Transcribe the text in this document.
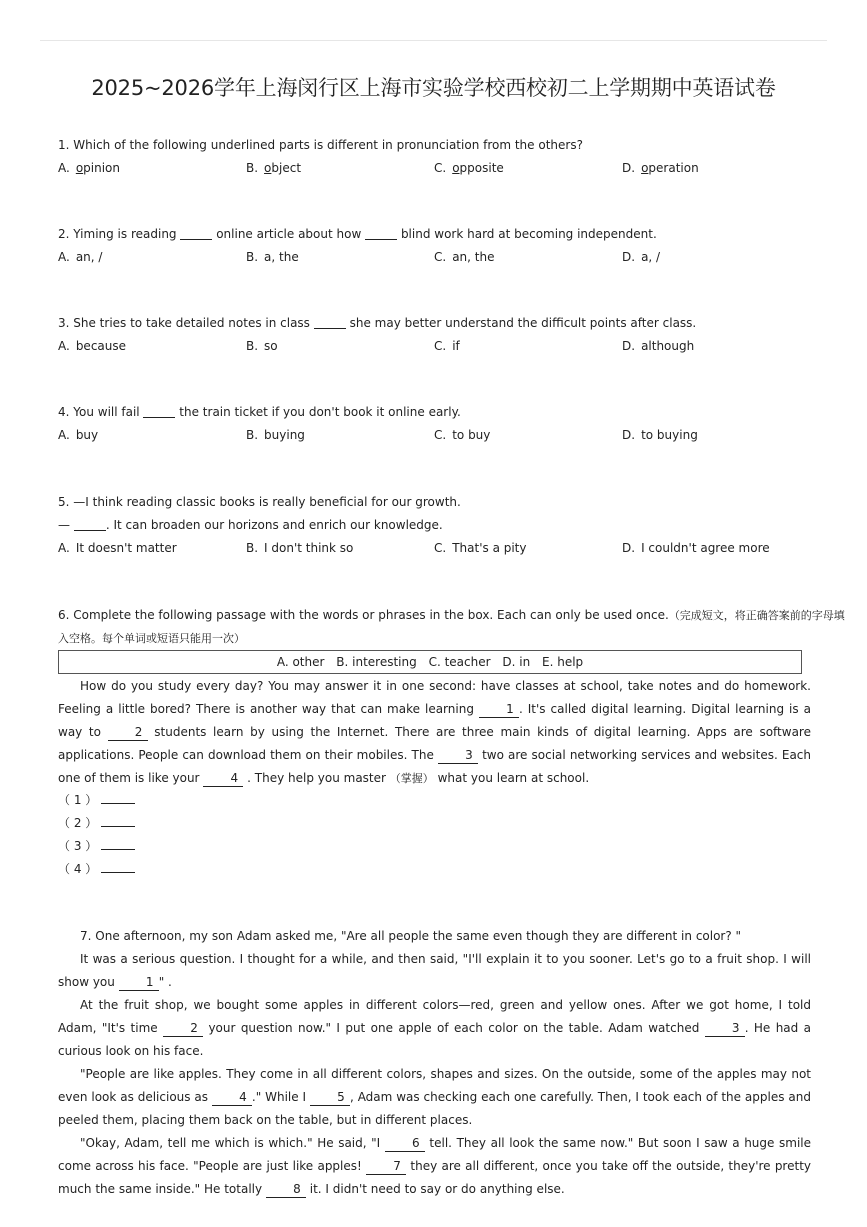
2025~2026学年上海闵行区上海市实验学校西校初二上学期期中英语试卷
1. Which of the following underlined parts is different in pronunciation from the others?
A. opinion	B. object	C. opposite	D. operation
2. Yiming is reading	online article about how	blind work hard at becoming independent.
A. an, /	B. a, the	C. an, the	D. a, /
3. She tries to take detailed notes in class	she may better understand the difficult points after class.
A. because	B. so	C. if	D. although
4. You will fail	the train ticket if you don't book it online early.
A. buy	B. buying	C. to buy	D. to buying
5. —I think reading classic books is really beneficial for our growth.
—	. It can broaden our horizons and enrich our knowledge.
A. It doesn't matter	B. I don't think so	C. That's a pity	D. I couldn't agree more
6. Complete the following passage with the words or phrases in the box. Each can only be used once.（完成短文，将正确答案前的字母填
入空格。每个单词或短语只能用一次）
A. other B. interesting C. teacher D. in E. help

How do you study every day? You may answer it in one second: have classes at school, take notes and do homework. Feeling a little bored? There is another way that can make learning	1 . It's called digital learning. Digital learning is a way to	2 students learn by using the Internet. There are three main kinds of digital learning. Apps are software applications. People can download them on their mobiles. The	3 two are social networking services and websites. Each one of them is like your	4 . They help you master （掌握） what you learn at school.

（ 1 ）
（ 2 ）
（ 3 ）
（ 4 ）

7. One afternoon, my son Adam asked me, "Are all people the same even though they are different in color? "

It was a serious question. I thought for a while, and then said, "I'll explain it to you sooner. Let's go to a fruit shop. I will show you	1 " .

At the fruit shop, we bought some apples in different colors—red, green and yellow ones. After we got home, I told Adam, "It's time	2 your question now." I put one apple of each color on the table. Adam watched	3 . He had a curious look on his face.

"People are like apples. They come in all different colors, shapes and sizes. On the outside, some of the apples may not even look as delicious as	4 ." While I	5 , Adam was checking each one carefully. Then, I took each of the apples and peeled them, placing them back on the table, but in different places.

"Okay, Adam, tell me which is which." He said, "I	6 tell. They all look the same now." But soon I saw a huge smile come across his face. "People are just like apples!	7 they are all different, once you take off the outside, they're pretty much the same inside." He totally	8 it. I didn't need to say or do anything else.
